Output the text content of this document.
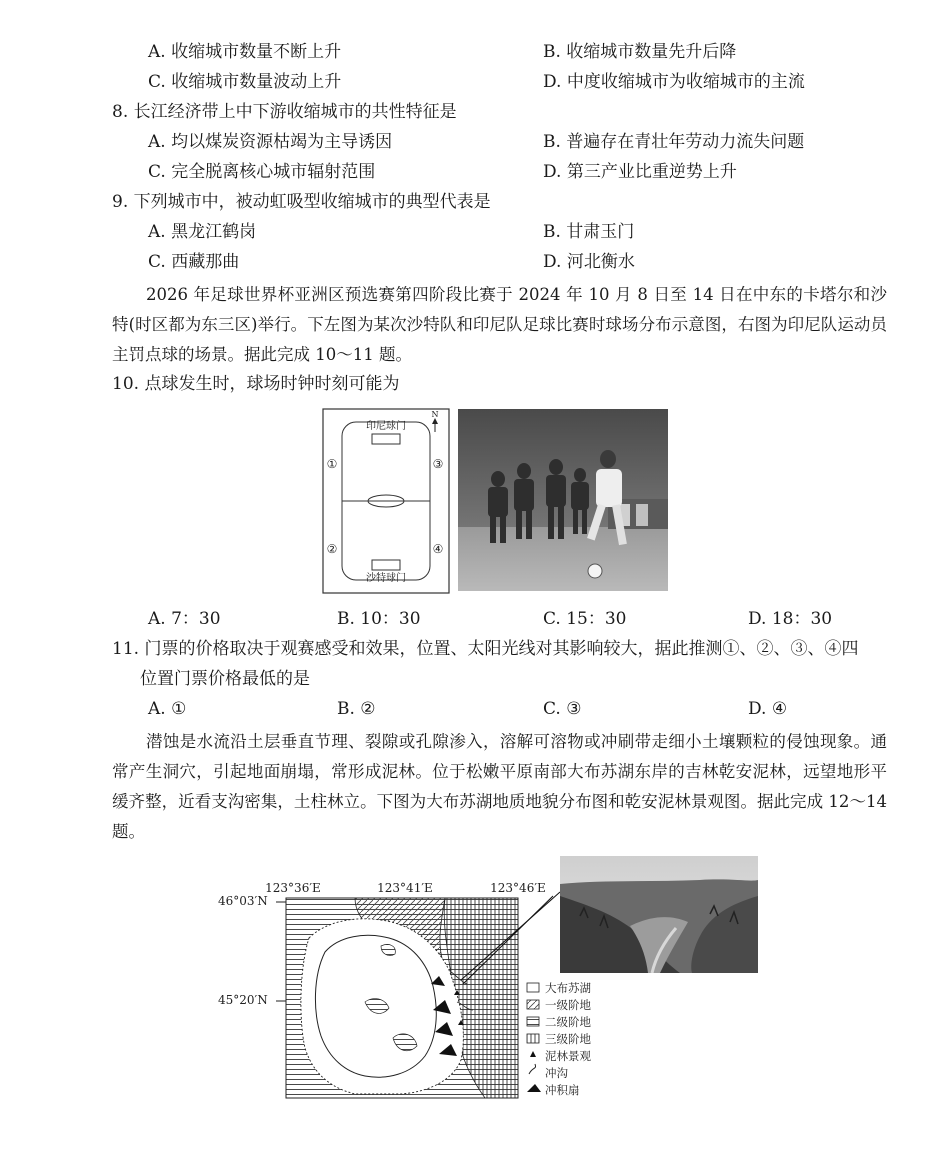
A. 收缩城市数量不断上升	B. 收缩城市数量先升后降
C. 收缩城市数量波动上升	D. 中度收缩城市为收缩城市的主流
8. 长江经济带上中下游收缩城市的共性特征是
A. 均以煤炭资源枯竭为主导诱因	B. 普遍存在青壮年劳动力流失问题
C. 完全脱离核心城市辐射范围	D. 第三产业比重逆势上升
9. 下列城市中，被动虹吸型收缩城市的典型代表是
A. 黑龙江鹤岗	B. 甘肃玉门
C. 西藏那曲	D. 河北衡水
2026 年足球世界杯亚洲区预选赛第四阶段比赛于 2024 年 10 月 8 日至 14 日在中东的卡塔尔和沙特(时区都为东三区)举行。下左图为某次沙特队和印尼队足球比赛时球场分布示意图，右图为印尼队运动员主罚点球的场景。据此完成 10～11 题。
10. 点球发生时，球场时钟时刻可能为
N
印尼球门
沙特球门
①
②
③
④
A. 7：30	B. 10：30	C. 15：30	D. 18：30
11. 门票的价格取决于观赛感受和效果，位置、太阳光线对其影响较大，据此推测①、②、③、④四
位置门票价格最低的是
A. ①	B. ②	C. ③	D. ④
潜蚀是水流沿土层垂直节理、裂隙或孔隙渗入，溶解可溶物或冲刷带走细小土壤颗粒的侵蚀现象。通常产生洞穴，引起地面崩塌，常形成泥林。位于松嫩平原南部大布苏湖东岸的吉林乾安泥林，远望地形平缓齐整，近看支沟密集，土柱林立。下图为大布苏湖地质地貌分布图和乾安泥林景观图。据此完成 12～14 题。
123°36′E	123°41′E	123°46′E
46°03′N
45°20′N
大布苏湖
一级阶地
二级阶地
三级阶地
泥林景观
冲沟
冲积扇
